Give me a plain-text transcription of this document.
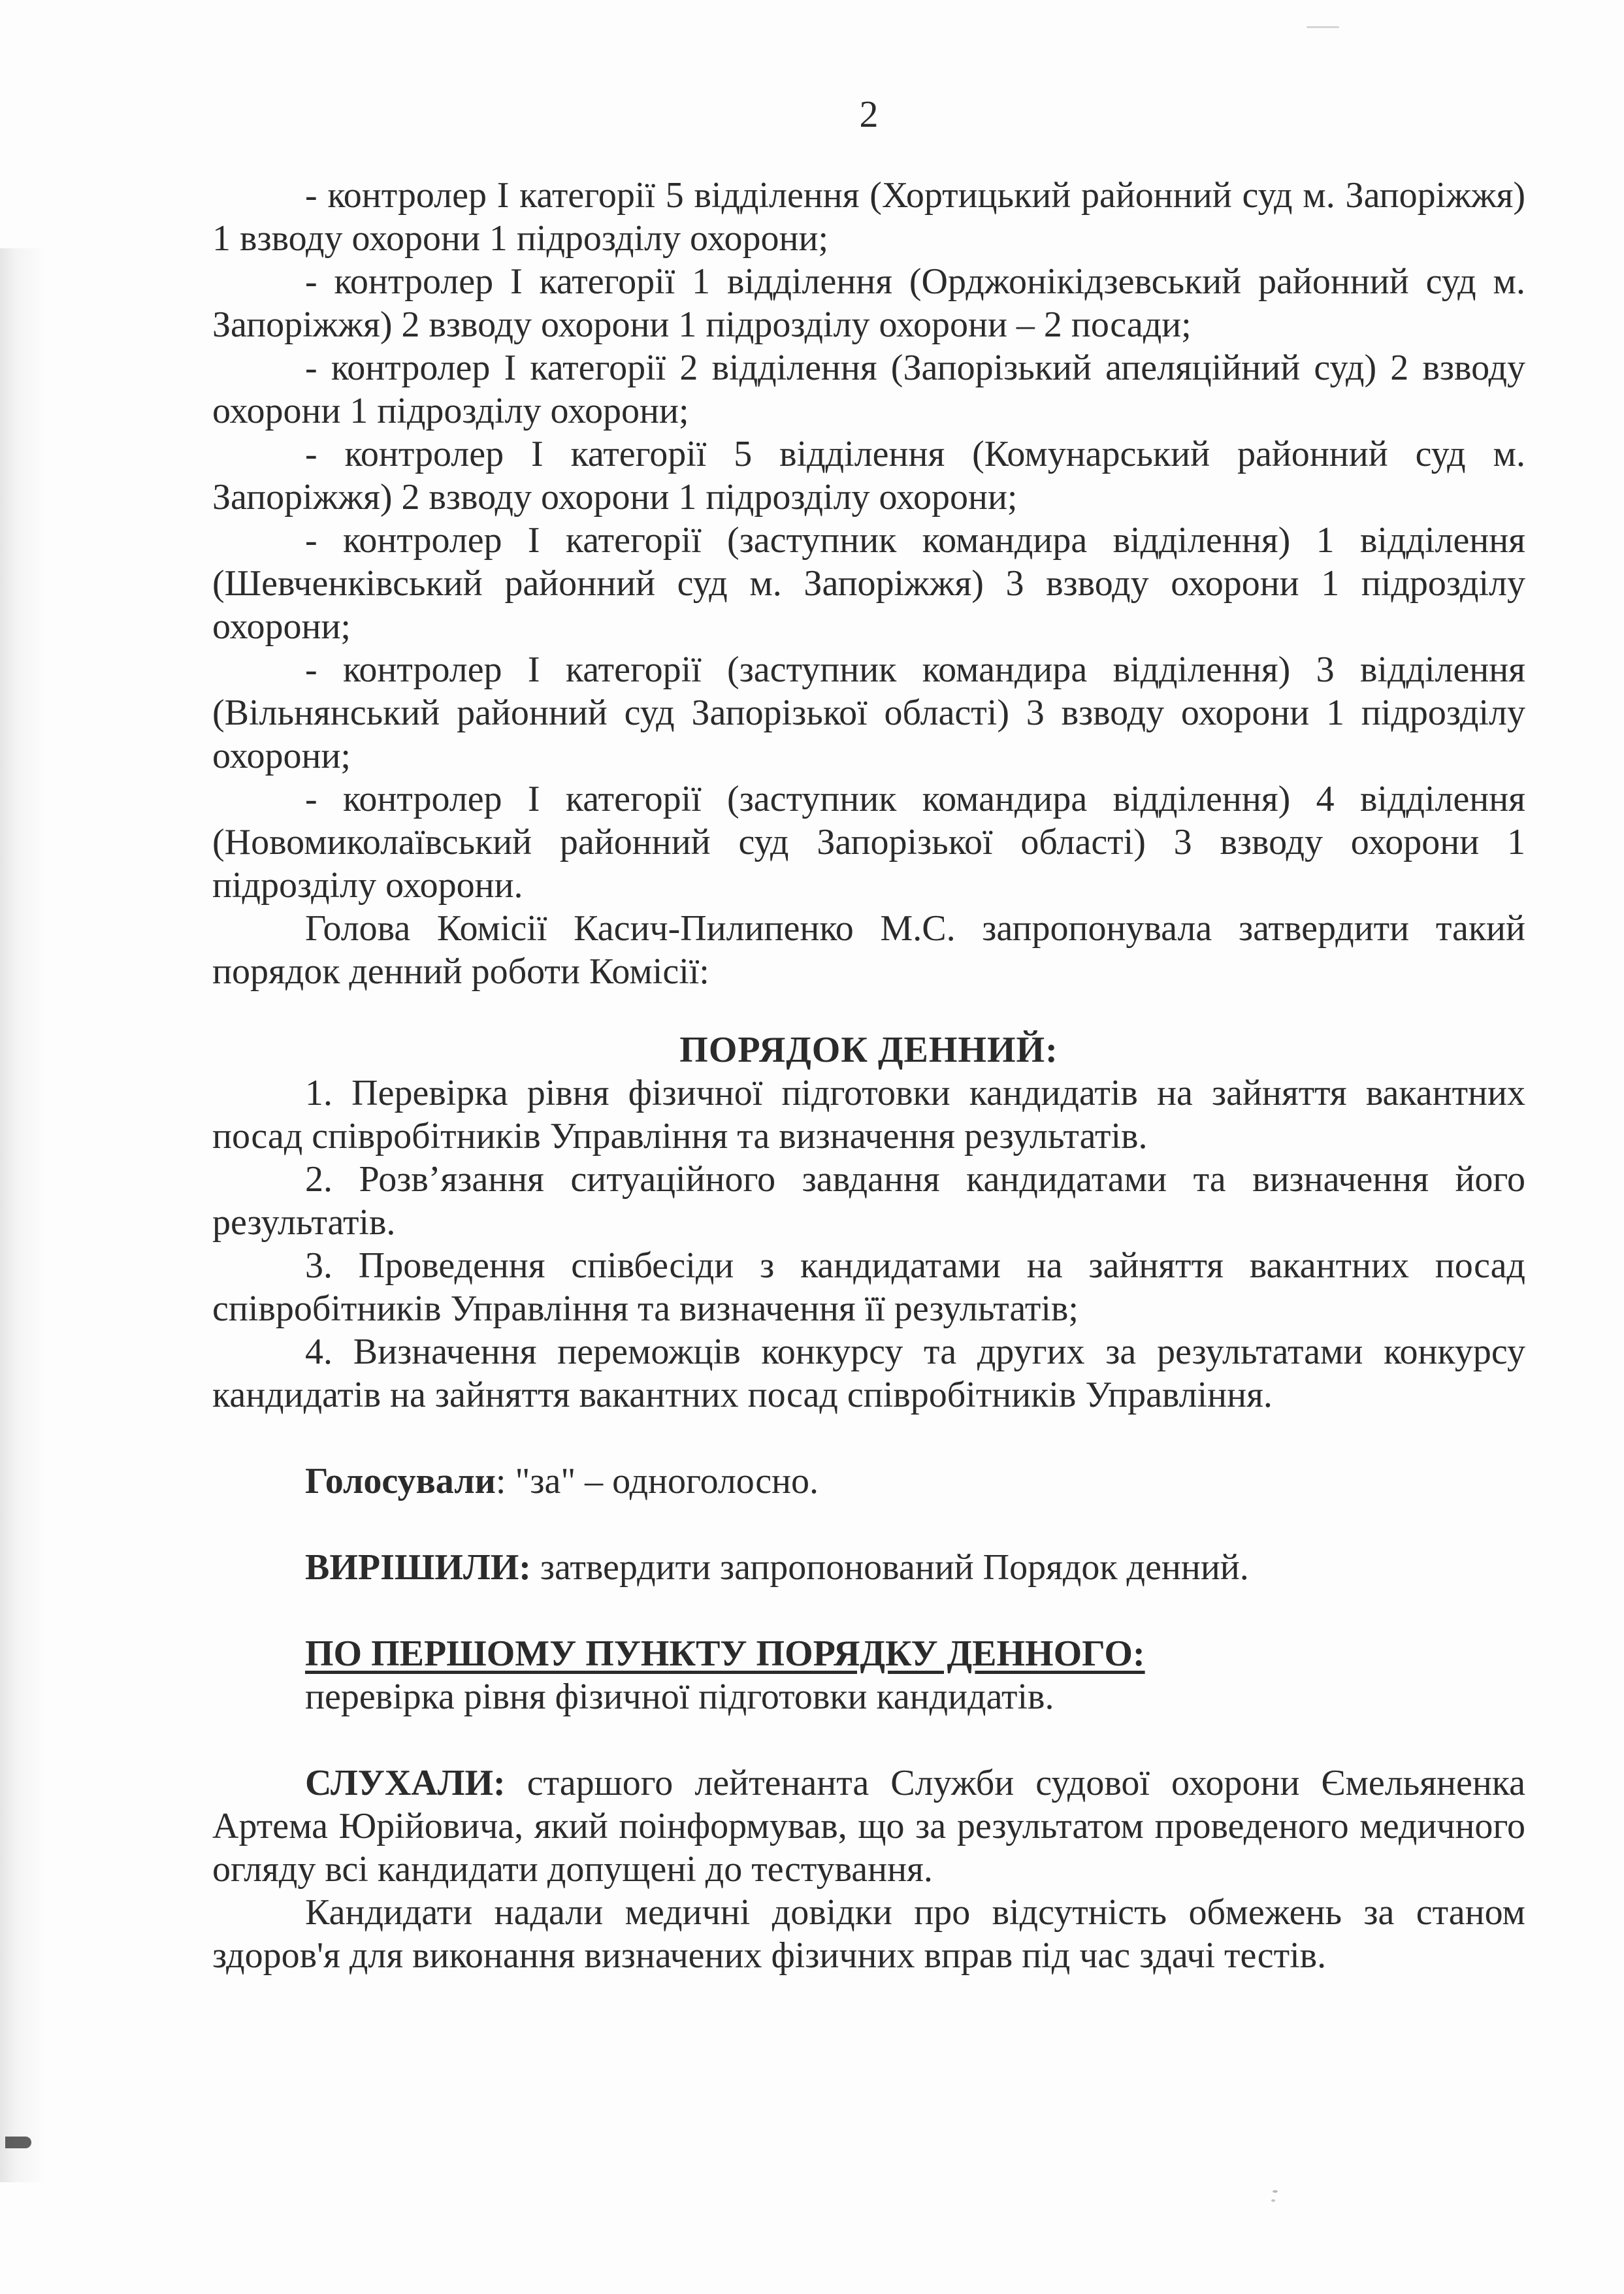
2

- контролер І категорії 5 відділення (Хортицький районний суд м. Запоріжжя) 1 взводу охорони 1 підрозділу охорони;

- контролер І категорії 1 відділення (Орджонікідзевський районний суд м. Запоріжжя) 2 взводу охорони 1 підрозділу охорони – 2 посади;

- контролер І категорії 2 відділення (Запорізький апеляційний суд) 2 взводу охорони 1 підрозділу охорони;

- контролер І категорії 5 відділення (Комунарський районний суд м. Запоріжжя) 2 взводу охорони 1 підрозділу охорони;

- контролер І категорії (заступник командира відділення) 1 відділення (Шевченківський районний суд м. Запоріжжя) 3 взводу охорони 1 підрозділу охорони;

- контролер І категорії (заступник командира відділення) 3 відділення (Вільнянський районний суд Запорізької області) 3 взводу охорони 1 підрозділу охорони;

- контролер І категорії (заступник командира відділення) 4 відділення (Новомиколаївський районний суд Запорізької області) 3 взводу охорони 1 підрозділу охорони.

Голова Комісії Касич-Пилипенко М.С. запропонувала затвердити такий порядок денний роботи Комісії:

ПОРЯДОК ДЕННИЙ:

1. Перевірка рівня фізичної підготовки кандидатів на зайняття вакантних посад співробітників Управління та визначення результатів.

2. Розв’язання ситуаційного завдання кандидатами та визначення його результатів.

3. Проведення співбесіди з кандидатами на зайняття вакантних посад співробітників Управління та визначення її результатів;

4. Визначення переможців конкурсу та других за результатами конкурсу кандидатів на зайняття вакантних посад співробітників Управління.

Голосували: "за" – одноголосно.

ВИРІШИЛИ: затвердити запропонований Порядок денний.

ПО ПЕРШОМУ ПУНКТУ ПОРЯДКУ ДЕННОГО:

перевірка рівня фізичної підготовки кандидатів.

СЛУХАЛИ: старшого лейтенанта Служби судової охорони Ємельяненка Артема Юрійовича, який поінформував, що за результатом проведеного медичного огляду всі кандидати допущені до тестування.

Кандидати надали медичні довідки про відсутність обмежень за станом здоров'я для виконання визначених фізичних вправ під час здачі тестів.
